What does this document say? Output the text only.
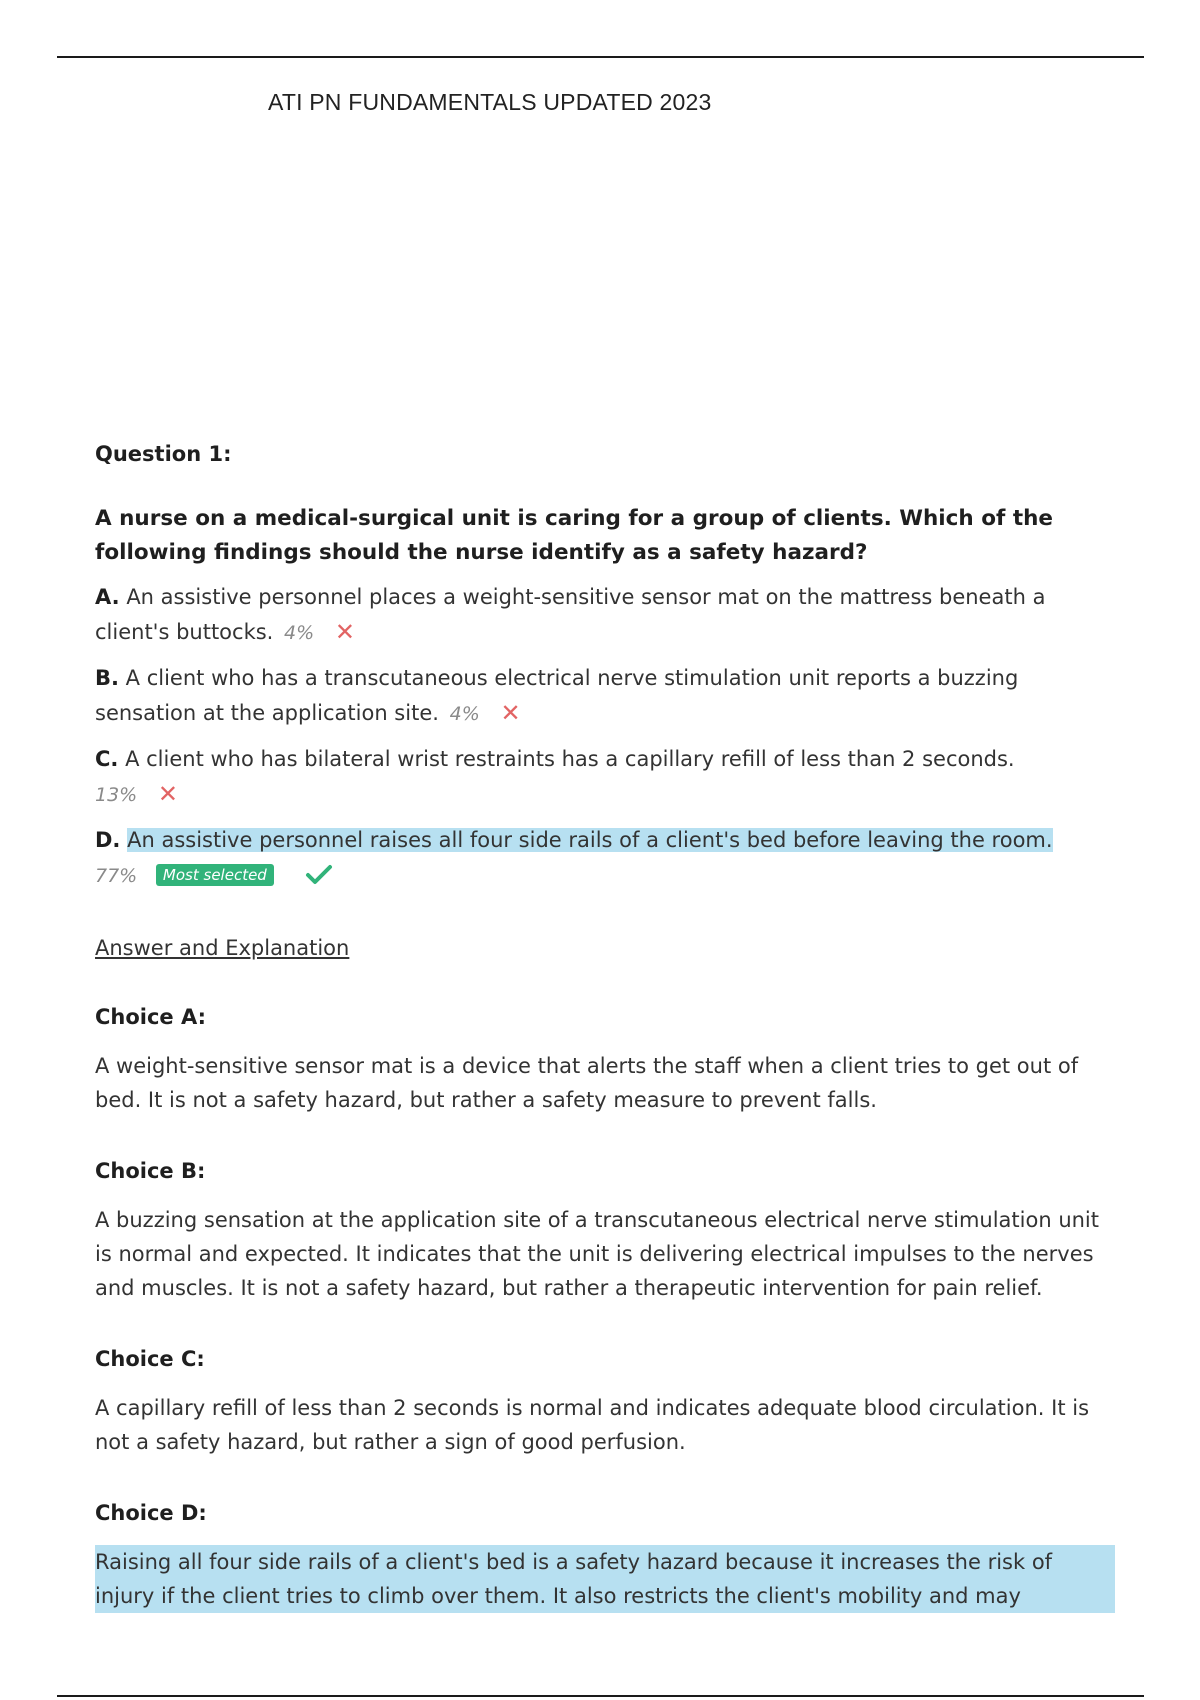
ATI PN FUNDAMENTALS UPDATED 2023

Question 1:

A nurse on a medical-surgical unit is caring for a group of clients. Which of the following findings should the nurse identify as a safety hazard?

A. An assistive personnel places a weight-sensitive sensor mat on the mattress beneath a client's buttocks. 4% ✕

B. A client who has a transcutaneous electrical nerve stimulation unit reports a buzzing sensation at the application site. 4% ✕

C. A client who has bilateral wrist restraints has a capillary refill of less than 2 seconds.
13% ✕

D. An assistive personnel raises all four side rails of a client's bed before leaving the room.
77% Most selected

Answer and Explanation

Choice A:

A weight-sensitive sensor mat is a device that alerts the staff when a client tries to get out of bed. It is not a safety hazard, but rather a safety measure to prevent falls.

Choice B:

A buzzing sensation at the application site of a transcutaneous electrical nerve stimulation unit is normal and expected. It indicates that the unit is delivering electrical impulses to the nerves and muscles. It is not a safety hazard, but rather a therapeutic intervention for pain relief.

Choice C:

A capillary refill of less than 2 seconds is normal and indicates adequate blood circulation. It is not a safety hazard, but rather a sign of good perfusion.

Choice D:

Raising all four side rails of a client's bed is a safety hazard because it increases the risk of injury if the client tries to climb over them. It also restricts the client's mobility and may
